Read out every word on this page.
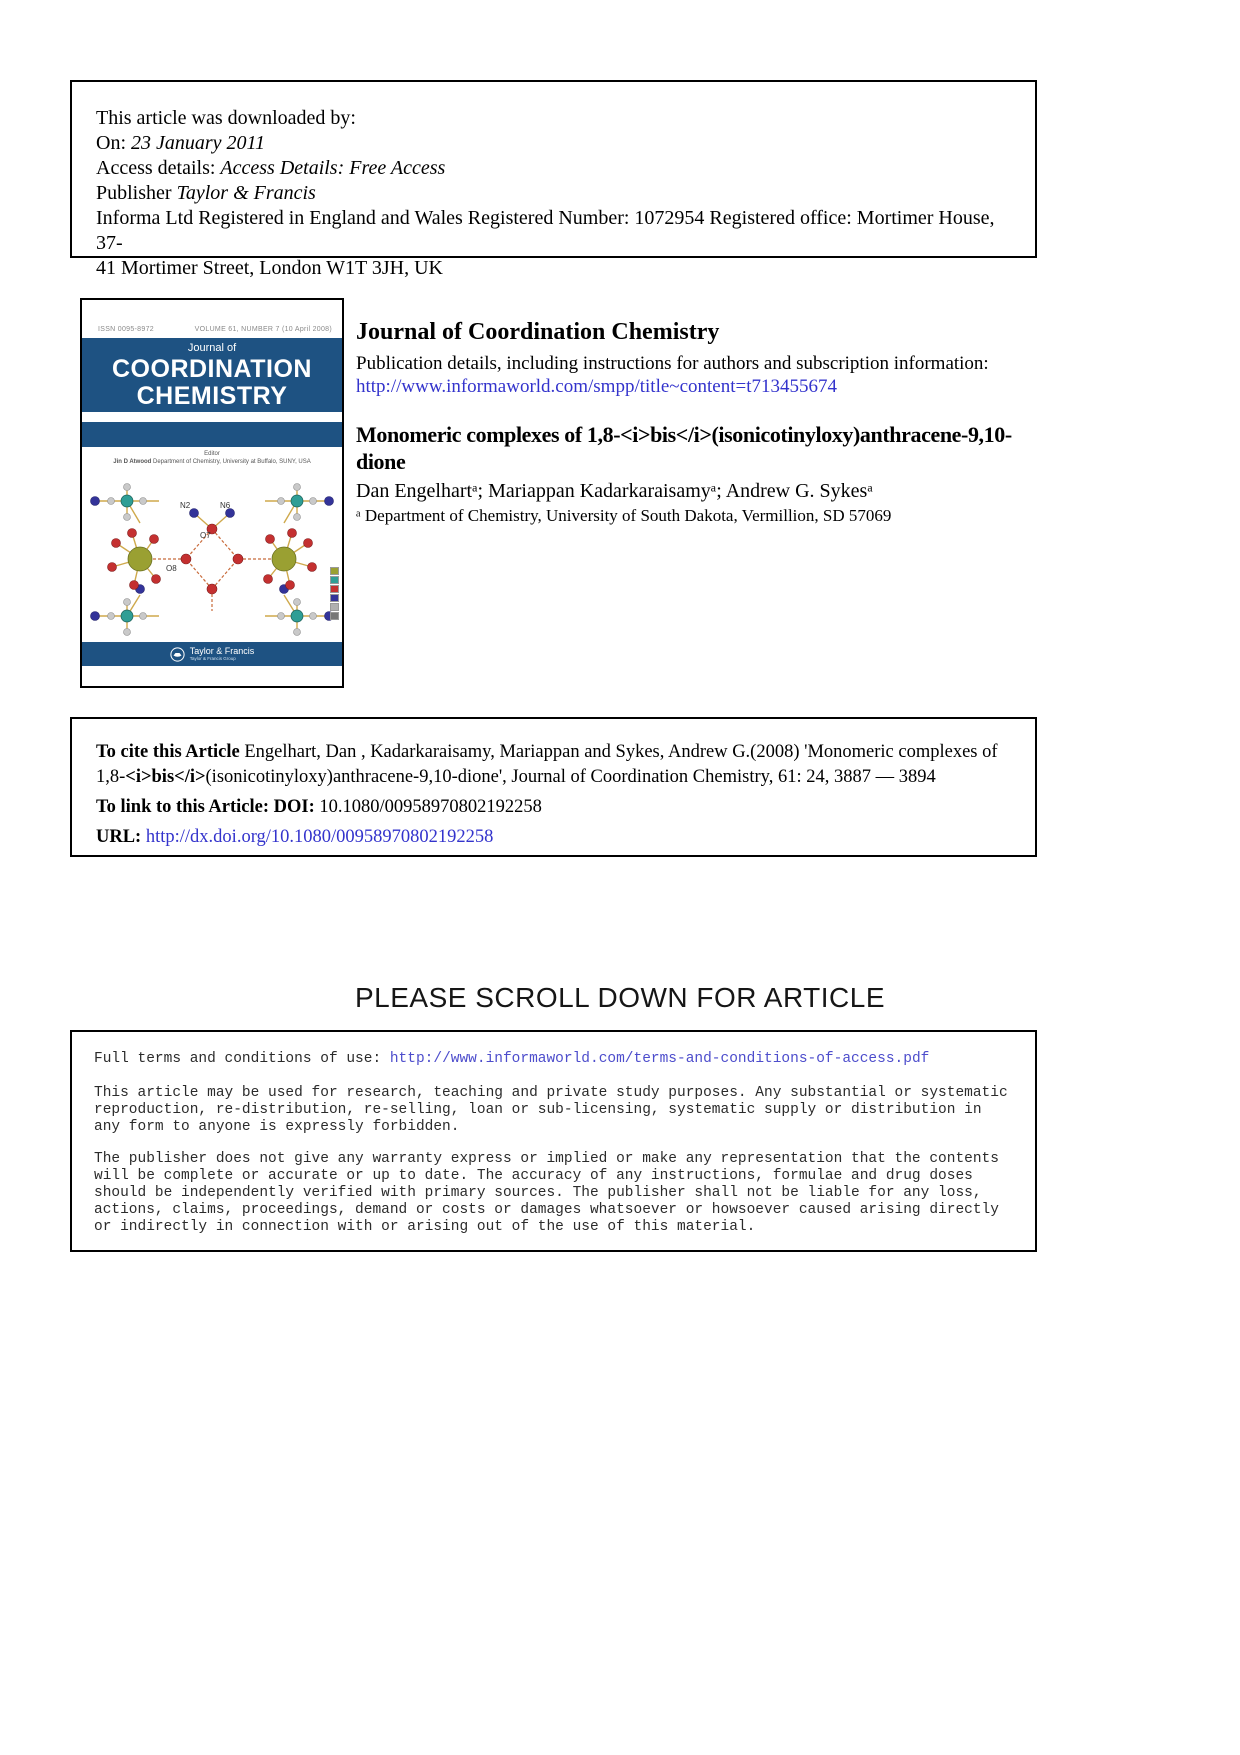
This article was downloaded by:
On: 23 January 2011
Access details: Access Details: Free Access
Publisher Taylor & Francis
Informa Ltd Registered in England and Wales Registered Number: 1072954 Registered office: Mortimer House, 37-
41 Mortimer Street, London W1T 3JH, UK
ISSN 0095-8972	VOLUME 61, NUMBER 7 (10 April 2008)
Journal of
COORDINATION
CHEMISTRY
Editor
Jin D Atwood Department of Chemistry, University at Buffalo, SUNY, USA
N2	N6
O7
O8
Taylor & Francis
Taylor & Francis Group
Journal of Coordination Chemistry

Publication details, including instructions for authors and subscription information:

http://www.informaworld.com/smpp/title~content=t713455674
Monomeric complexes of 1,8-<i>bis</i>(isonicotinyloxy)anthracene-9,10-
dione

Dan Engelhartᵃ; Mariappan Kadarkaraisamyᵃ; Andrew G. Sykesᵃ

ᵃ Department of Chemistry, University of South Dakota, Vermillion, SD 57069

To cite this Article Engelhart, Dan , Kadarkaraisamy, Mariappan and Sykes, Andrew G.(2008) 'Monomeric complexes of 1,8-<i>bis</i>(isonicotinyloxy)anthracene-9,10-dione', Journal of Coordination Chemistry, 61: 24, 3887 — 3894

To link to this Article: DOI: 10.1080/00958970802192258

URL: http://dx.doi.org/10.1080/00958970802192258

PLEASE SCROLL DOWN FOR ARTICLE

Full terms and conditions of use: http://www.informaworld.com/terms-and-conditions-of-access.pdf

This article may be used for research, teaching and private study purposes. Any substantial or systematic reproduction, re-distribution, re-selling, loan or sub-licensing, systematic supply or distribution in any form to anyone is expressly forbidden.

The publisher does not give any warranty express or implied or make any representation that the contents will be complete or accurate or up to date. The accuracy of any instructions, formulae and drug doses should be independently verified with primary sources. The publisher shall not be liable for any loss, actions, claims, proceedings, demand or costs or damages whatsoever or howsoever caused arising directly or indirectly in connection with or arising out of the use of this material.
